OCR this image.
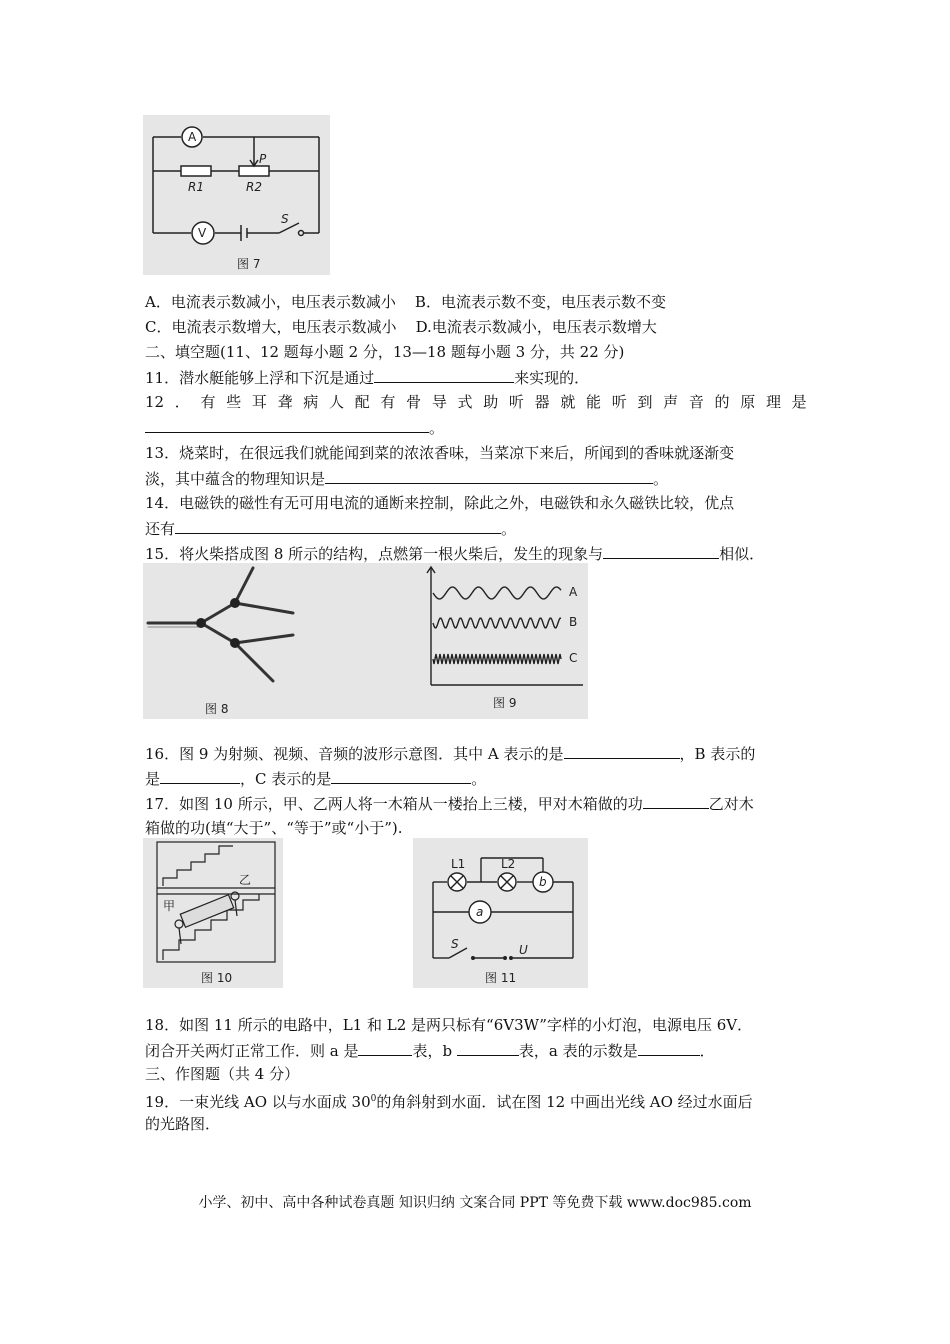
A
V
R1	R2
P
S
图 7
A．电流表示数减小，电压表示数减小 B．电流表示数不变，电压表示数不变
C．电流表示数增大，电压表示数减小 D.电流表示数减小，电压表示数增大
二、填空题(11、12 题每小题 2 分，13—18 题每小题 3 分，共 22 分)
11．潜水艇能够上浮和下沉是通过	来实现的．
12 ． 有 些 耳 聋 病 人 配 有 骨 导 式 助 听 器 就 能 听 到 声 音 的 原 理 是
。
13．烧菜时，在很远我们就能闻到菜的浓浓香味，当菜凉下来后，所闻到的香味就逐渐变
淡，其中蕴含的物理知识是	。
14．电磁铁的磁性有无可用电流的通断来控制，除此之外，电磁铁和永久磁铁比较，优点
还有	。
15．将火柴搭成图 8 所示的结构，点燃第一根火柴后，发生的现象与	相似．
图 8
A
B
C
图 9
16．图 9 为射频、视频、音频的波形示意图．其中 A 表示的是	，B 表示的
是	，C 表示的是	。
17．如图 10 所示，甲、乙两人将一木箱从一楼抬上三楼，甲对木箱做的功	乙对木
箱做的功(填“大于”、“等于”或“小于”).
甲
乙
图 10
L1	L2
b
a
S	U
图 11
18．如图 11 所示的电路中，L1 和 L2 是两只标有“6V3W”字样的小灯泡，电源电压 6V．
闭合开关两灯正常工作．则 a 是	表，b	表，a 表的示数是	．
三、作图题（共 4 分）
19．一束光线 AO 以与水面成 $30^0$的角斜射到水面．试在图 12 中画出光线 AO 经过水面后
的光路图．
小学、初中、高中各种试卷真题 知识归纳 文案合同 PPT 等免费下载 www.doc985.com
